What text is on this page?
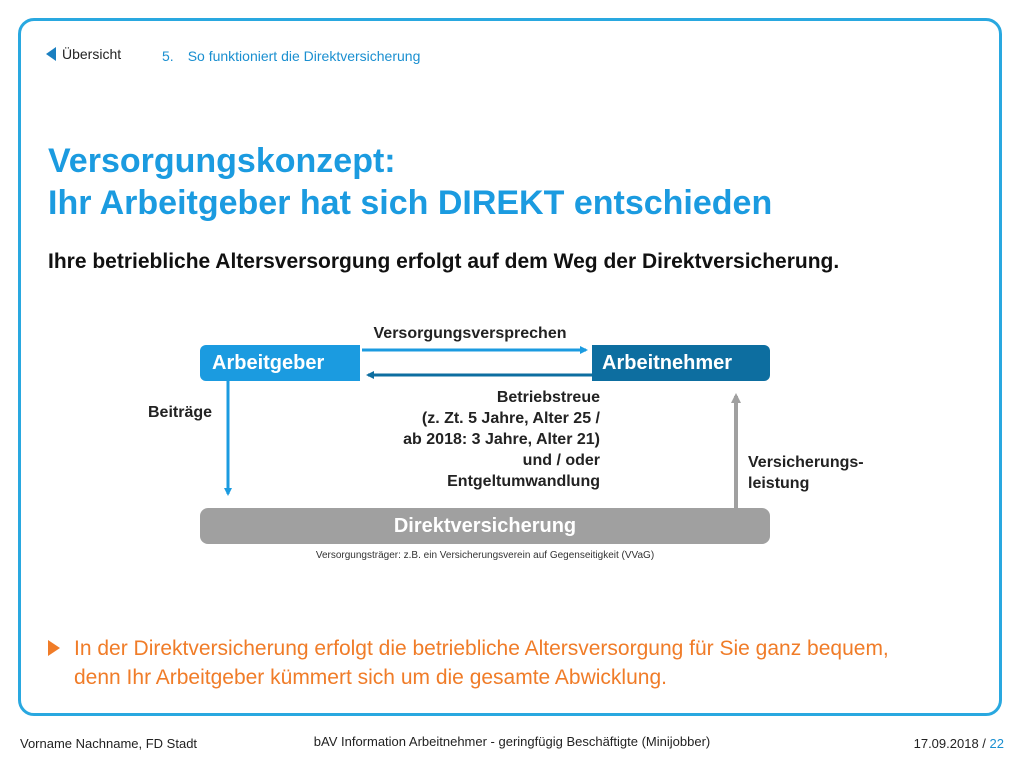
Übersicht	5. So funktioniert die Direktversicherung
Versorgungskonzept:
Ihr Arbeitgeber hat sich DIREKT entschieden
Ihre betriebliche Altersversorgung erfolgt auf dem Weg der Direktversicherung.
Arbeitgeber	Arbeitnehmer
Direktversicherung
Versorgungsversprechen
Beiträge
Betriebstreue
(z. Zt. 5 Jahre, Alter 25 /
ab 2018: 3 Jahre, Alter 21)
und / oder
Entgeltumwandlung
Versicherungs-
leistung
Versorgungsträger: z.B. ein Versicherungsverein auf Gegenseitigkeit (VVaG)
In der Direktversicherung erfolgt die betriebliche Altersversorgung für Sie ganz bequem, denn Ihr Arbeitgeber kümmert sich um die gesamte Abwicklung.
Vorname Nachname, FD Stadt	bAV Information Arbeitnehmer - geringfügig Beschäftigte (Minijobber)	17.09.2018 / 22
